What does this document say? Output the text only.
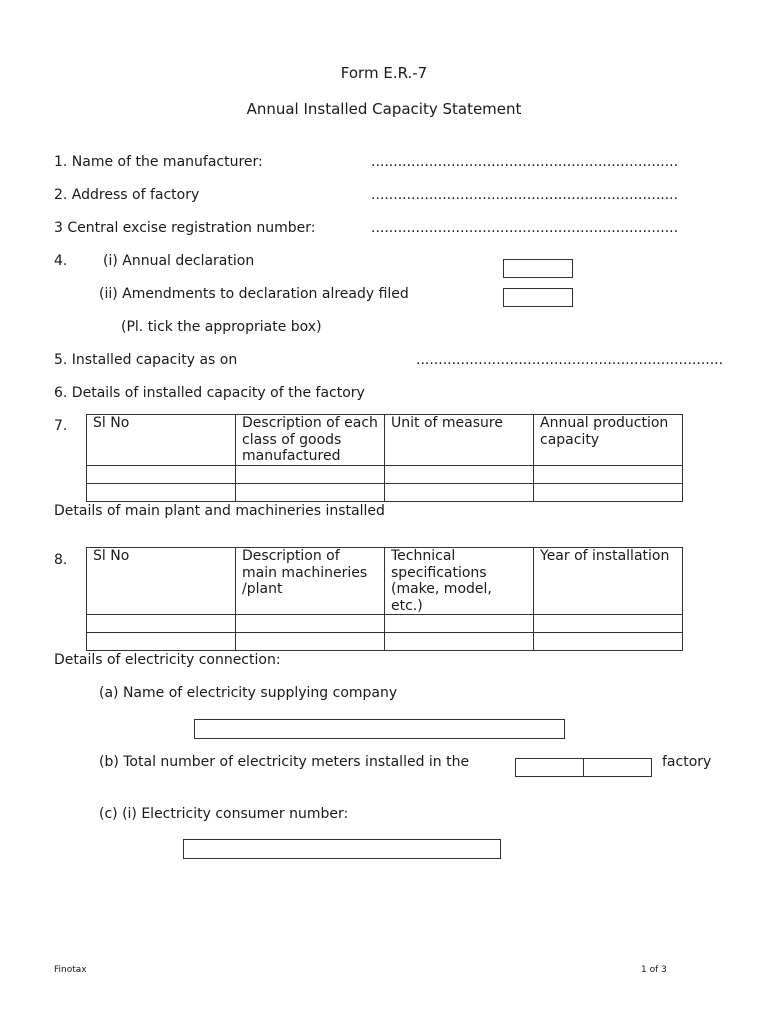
Form E.R.-7
Annual Installed Capacity Statement
1. Name of the manufacturer:	.....................................................................
2. Address of factory	.....................................................................
3 Central excise registration number:	.....................................................................
4.	(i) Annual declaration
(ii) Amendments to declaration already filed
(Pl. tick the appropriate box)
5. Installed capacity as on	.....................................................................
6. Details of installed capacity of the factory
7. Sl No	Description of each class of goods manufactured	Unit of measure	Annual production capacity

Details of main plant and machineries installed
8. Sl No	Description of main machineries /plant	Technical specifications (make, model, etc.)	Year of installation

Details of electricity connection:
(a) Name of electricity supplying company
(b) Total number of electricity meters installed in the	factory
(c) (i) Electricity consumer number:
Finotax	1 of 3
